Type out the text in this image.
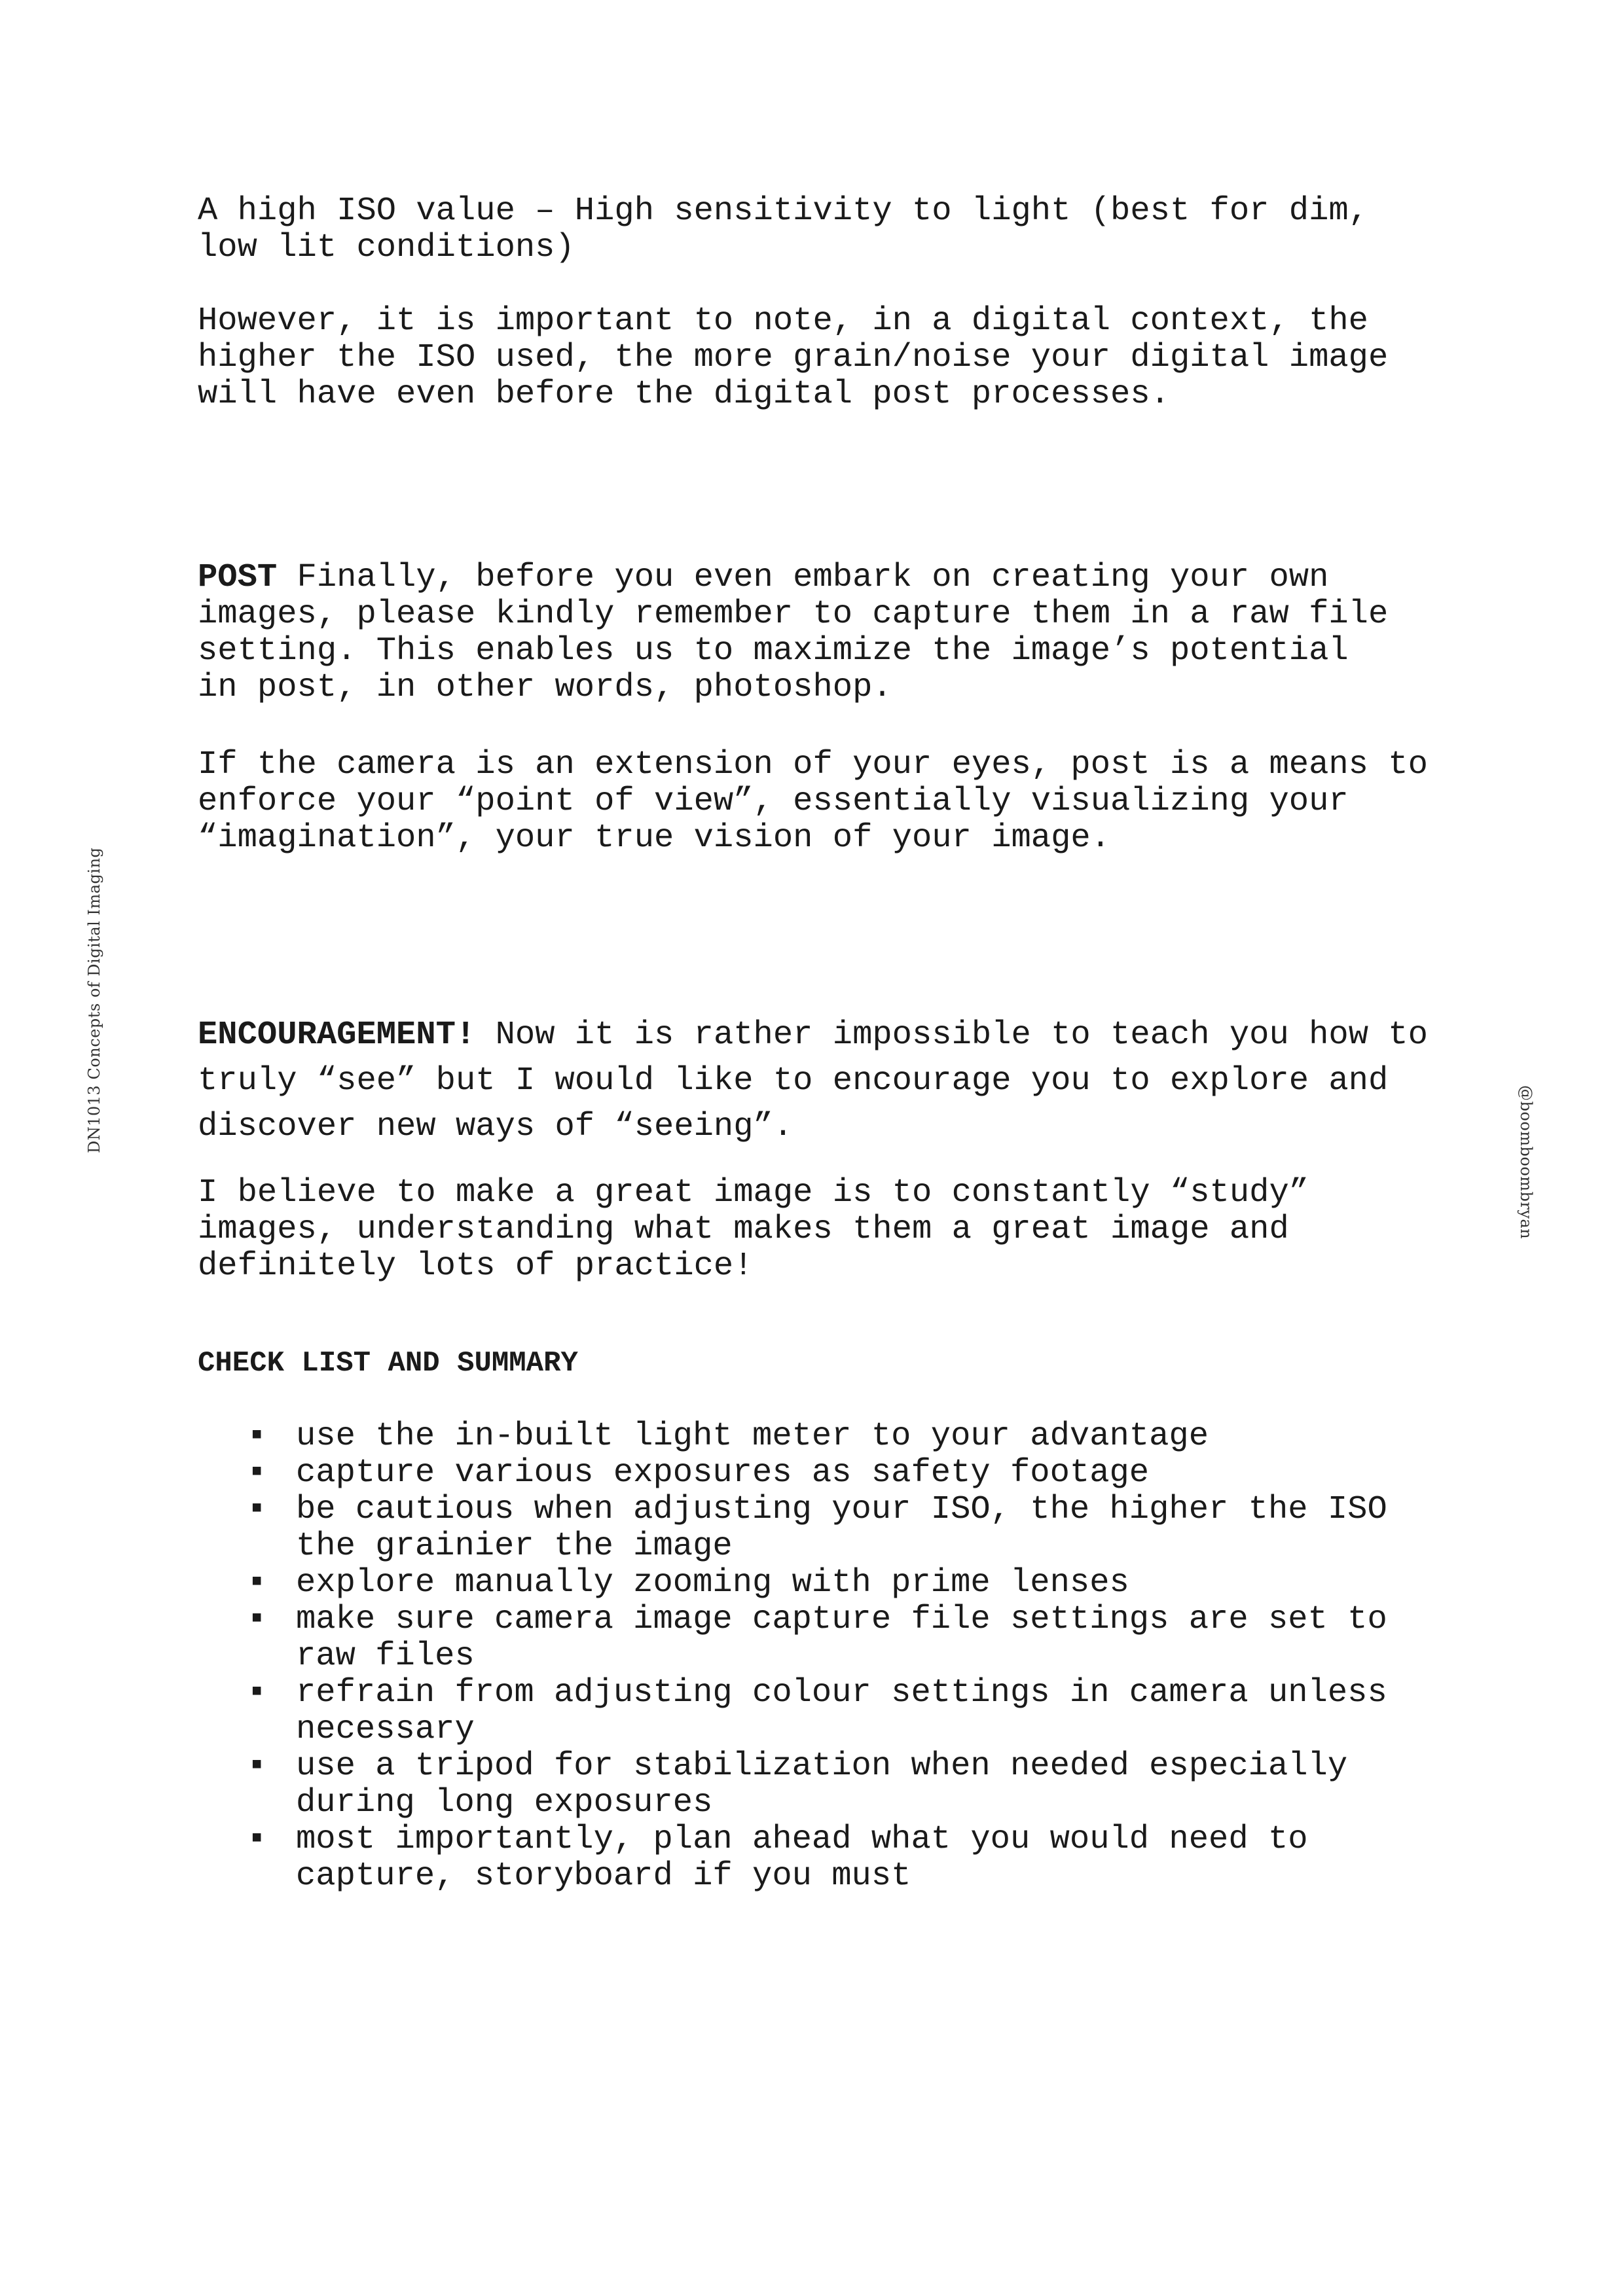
DN1013 Concepts of Digital Imaging
@boomboombryan

A high ISO value – High sensitivity to light (best for dim,
low lit conditions)

However, it is important to note, in a digital context, the
higher the ISO used, the more grain/noise your digital image
will have even before the digital post processes.

POST Finally, before you even embark on creating your own
images, please kindly remember to capture them in a raw file
setting. This enables us to maximize the image’s potential
in post, in other words, photoshop.

If the camera is an extension of your eyes, post is a means to
enforce your “point of view”, essentially visualizing your
“imagination”, your true vision of your image.

ENCOURAGEMENT! Now it is rather impossible to teach you how to
truly “see” but I would like to encourage you to explore and
discover new ways of “seeing”.

I believe to make a great image is to constantly “study”
images, understanding what makes them a great image and
definitely lots of practice!

CHECK LIST AND SUMMARY

▪ use the in-built light meter to your advantage
▪ capture various exposures as safety footage
▪ be cautious when adjusting your ISO, the higher the ISO
the grainier the image
▪ explore manually zooming with prime lenses
▪ make sure camera image capture file settings are set to
raw files
▪ refrain from adjusting colour settings in camera unless
necessary
▪ use a tripod for stabilization when needed especially
during long exposures
▪ most importantly, plan ahead what you would need to
capture, storyboard if you must
